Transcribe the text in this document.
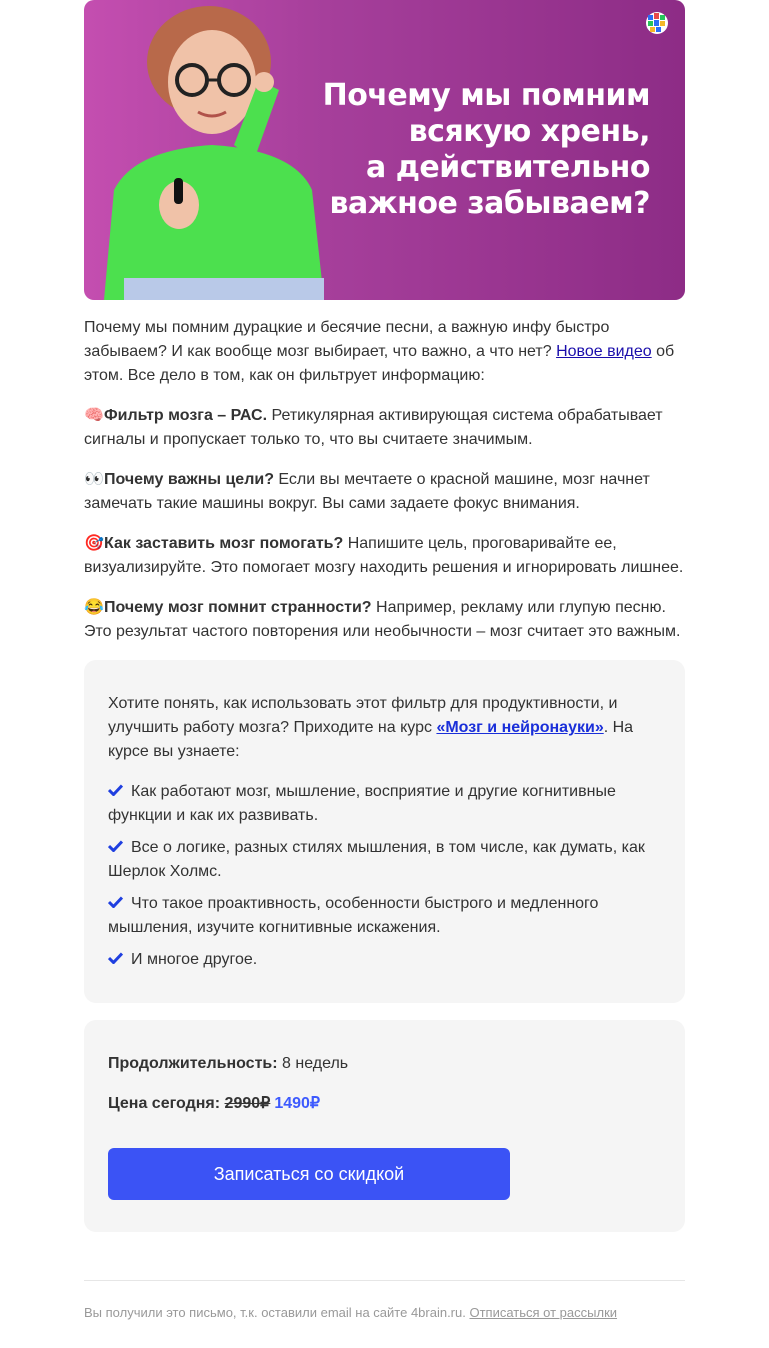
Почему мы помним
всякую хрень,
а действительно
важное забываем?

Почему мы помним дурацкие и бесячие песни, а важную инфу быстро забываем? И как вообще мозг выбирает, что важно, а что нет? Новое видео об этом. Все дело в том, как он фильтрует информацию:

🧠Фильтр мозга – РАС. Ретикулярная активирующая система обрабатывает сигналы и пропускает только то, что вы считаете значимым.

👀Почему важны цели? Если вы мечтаете о красной машине, мозг начнет замечать такие машины вокруг. Вы сами задаете фокус внимания.

🎯Как заставить мозг помогать? Напишите цель, проговаривайте ее, визуализируйте. Это помогает мозгу находить решения и игнорировать лишнее.

😂Почему мозг помнит странности? Например, рекламу или глупую песню. Это результат частого повторения или необычности – мозг считает это важным.

Хотите понять, как использовать этот фильтр для продуктивности, и улучшить работу мозга? Приходите на курс «Мозг и нейронауки». На курсе вы узнаете:

Как работают мозг, мышление, восприятие и другие когнитивные функции и как их развивать.
Все о логике, разных стилях мышления, в том числе, как думать, как Шерлок Холмс.
Что такое проактивность, особенности быстрого и медленного мышления, изучите когнитивные искажения.
И многое другое.

Продолжительность: 8 недель

Цена сегодня: 2990₽ 1490₽

Записаться со скидкой
Вы получили это письмо, т.к. оставили email на сайте 4brain.ru. Отписаться от рассылки
